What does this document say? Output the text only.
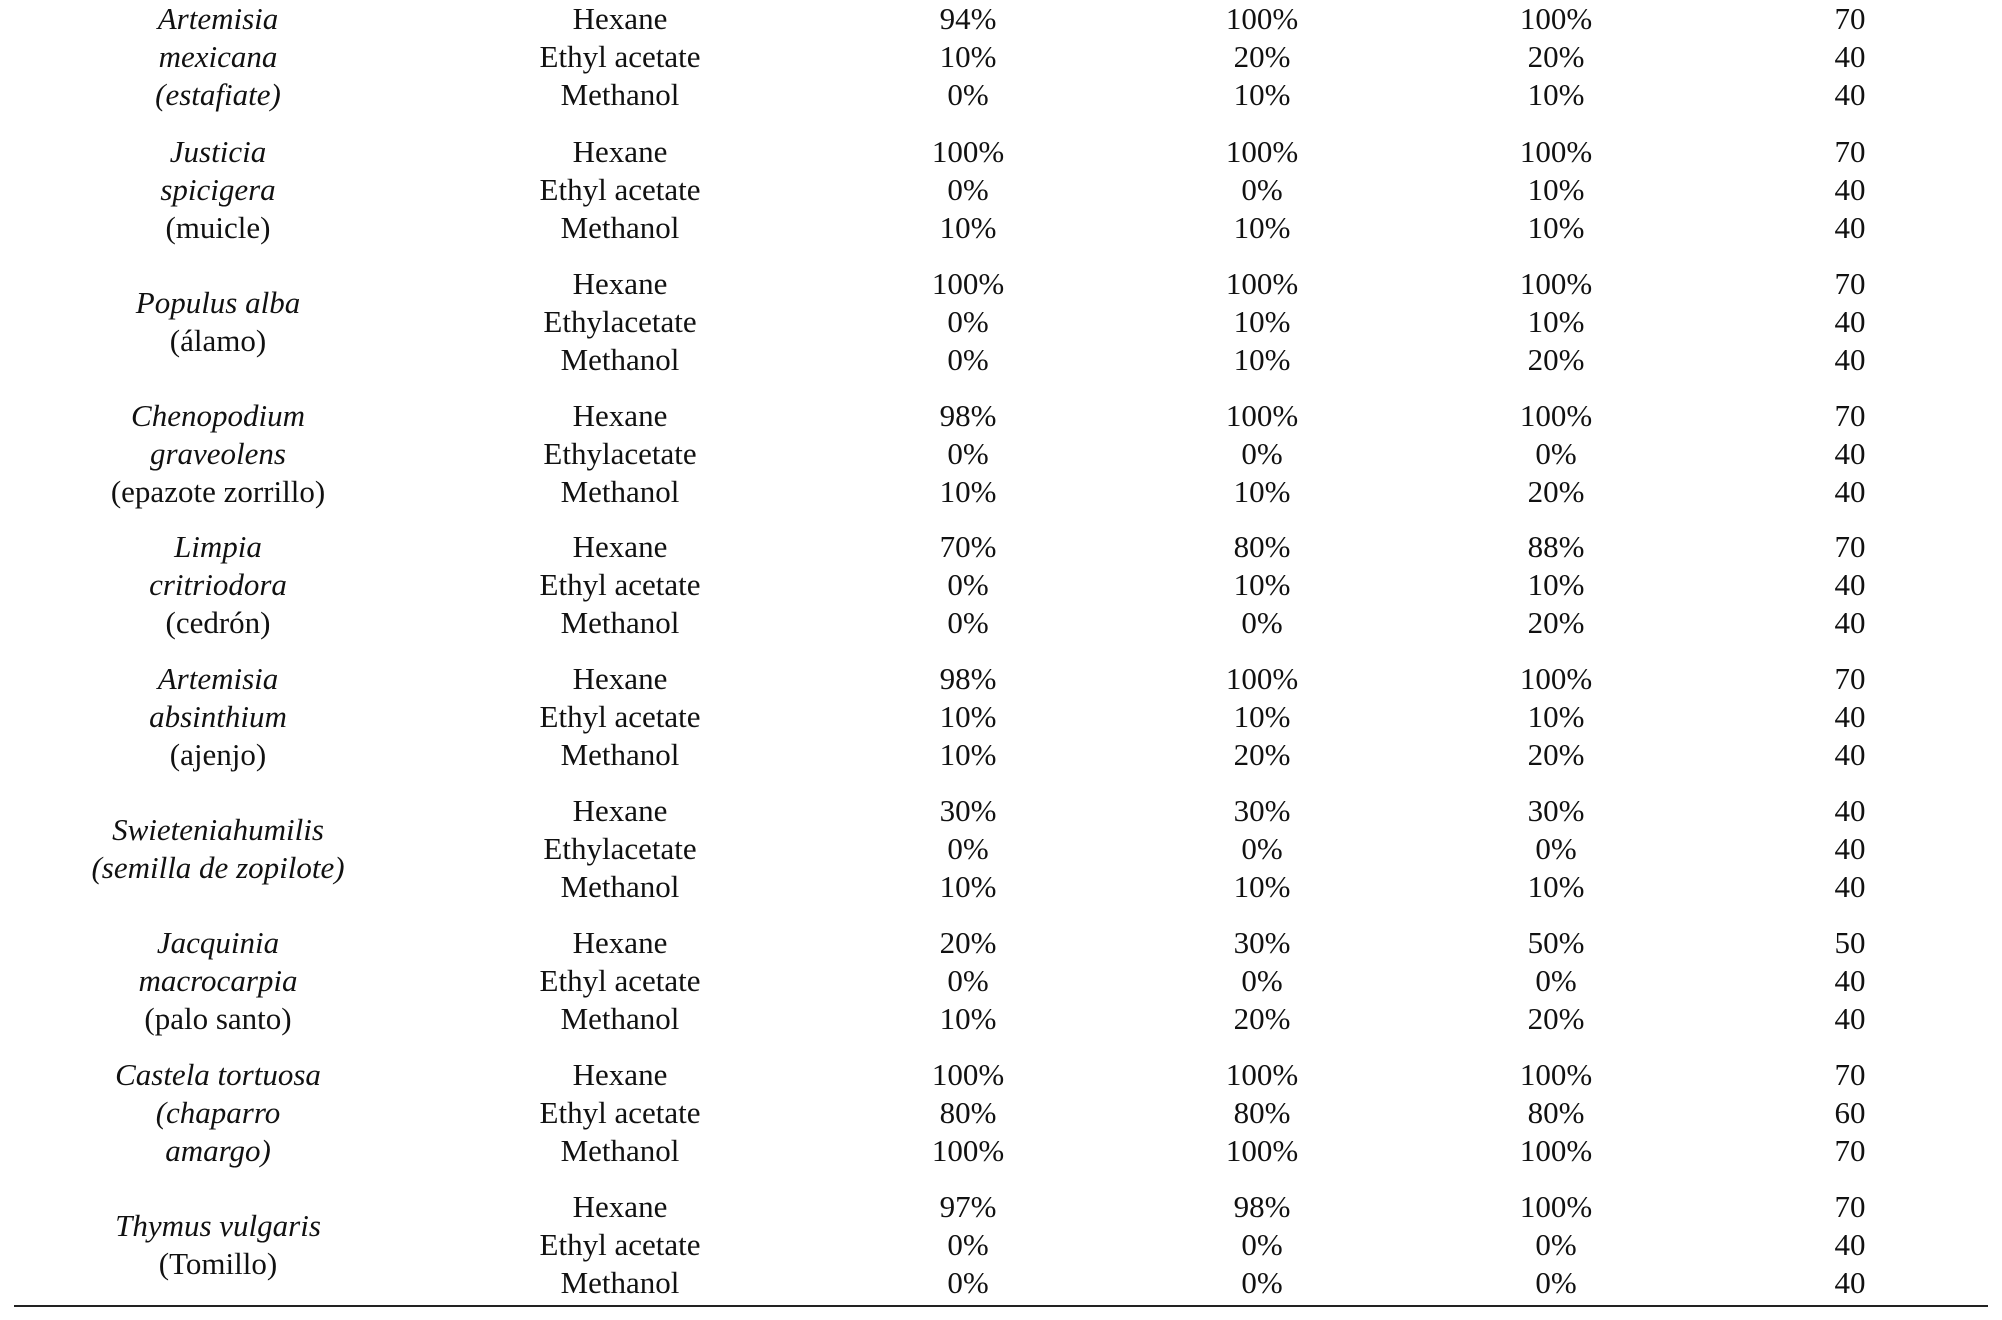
Artemisia
mexicana
(estafiate)
Hexane	94%	100%	100%	70
Ethyl acetate	10%	20%	20%	40
Methanol	0%	10%	10%	40
Justicia
spicigera
(muicle)
Hexane	100%	100%	100%	70
Ethyl acetate	0%	0%	10%	40
Methanol	10%	10%	10%	40
Populus alba
(álamo)
Hexane	100%	100%	100%	70
Ethylacetate	0%	10%	10%	40
Methanol	0%	10%	20%	40
Chenopodium
graveolens
(epazote zorrillo)
Hexane	98%	100%	100%	70
Ethylacetate	0%	0%	0%	40
Methanol	10%	10%	20%	40
Limpia
critriodora
(cedrón)
Hexane	70%	80%	88%	70
Ethyl acetate	0%	10%	10%	40
Methanol	0%	0%	20%	40
Artemisia
absinthium
(ajenjo)
Hexane	98%	100%	100%	70
Ethyl acetate	10%	10%	10%	40
Methanol	10%	20%	20%	40
Swieteniahumilis
(semilla de zopilote)
Hexane	30%	30%	30%	40
Ethylacetate	0%	0%	0%	40
Methanol	10%	10%	10%	40
Jacquinia
macrocarpia
(palo santo)
Hexane	20%	30%	50%	50
Ethyl acetate	0%	0%	0%	40
Methanol	10%	20%	20%	40
Castela tortuosa
(chaparro
amargo)
Hexane	100%	100%	100%	70
Ethyl acetate	80%	80%	80%	60
Methanol	100%	100%	100%	70
Thymus vulgaris
(Tomillo)
Hexane	97%	98%	100%	70
Ethyl acetate	0%	0%	0%	40
Methanol	0%	0%	0%	40
